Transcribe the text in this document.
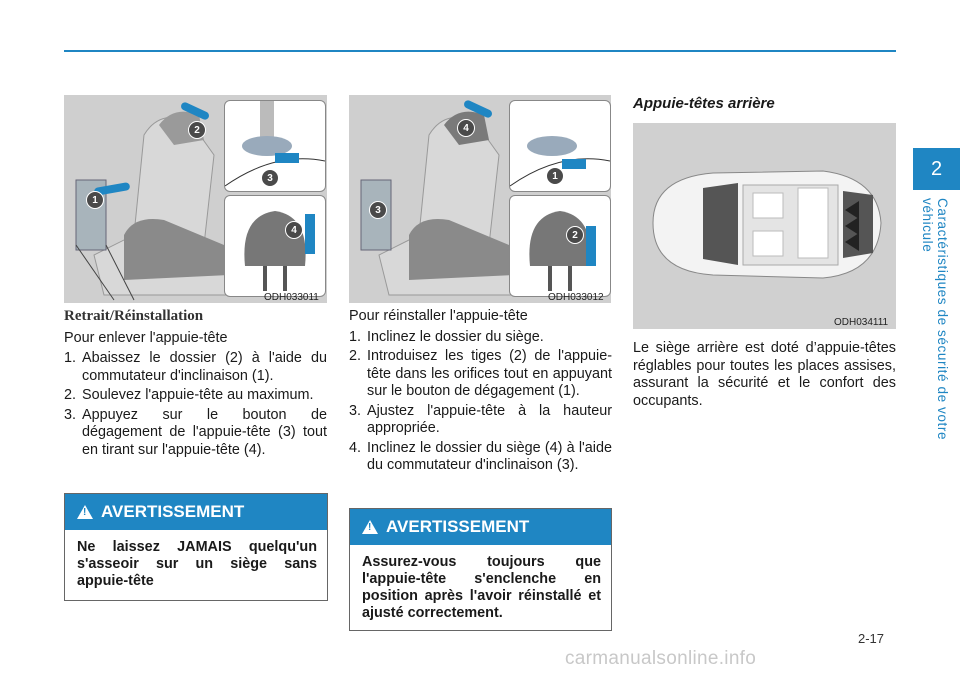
2
Caractéristiques de sécurité de votre véhicule
1
2
3
4
ODH033011
4
3
1
2
ODH033012
ODH034111

Retrait/Réinstallation

Pour enlever l'appuie-tête

1. Abaissez le dossier (2) à l'aide du commutateur d'inclinaison (1).
2. Soulevez l'appuie-tête au maximum.
3. Appuyez sur le bouton de dégagement de l'appuie-tête (3) tout en tirant sur l'appuie-tête (4).
!
AVERTISSEMENT
Ne laissez JAMAIS quelqu'un s'asseoir sur un siège sans appuie-tête

Pour réinstaller l'appuie-tête

1. Inclinez le dossier du siège.
2. Introduisez les tiges (2) de l'appuie-tête dans les orifices tout en appuyant sur le bouton de dégagement (1).
3. Ajustez l'appuie-tête à la hauteur appropriée.
4. Inclinez le dossier du siège (4) à l'aide du commutateur d'inclinaison (3).
!
AVERTISSEMENT
Assurez-vous toujours que l'appuie-tête s'enclenche en position après l'avoir réinstallé et ajusté correctement.

Appuie-têtes arrière

Le siège arrière est doté d’appuie-têtes réglables pour toutes les places assises, assurant la sécurité et le confort des occupants.

2-17
carmanualsonline.info
